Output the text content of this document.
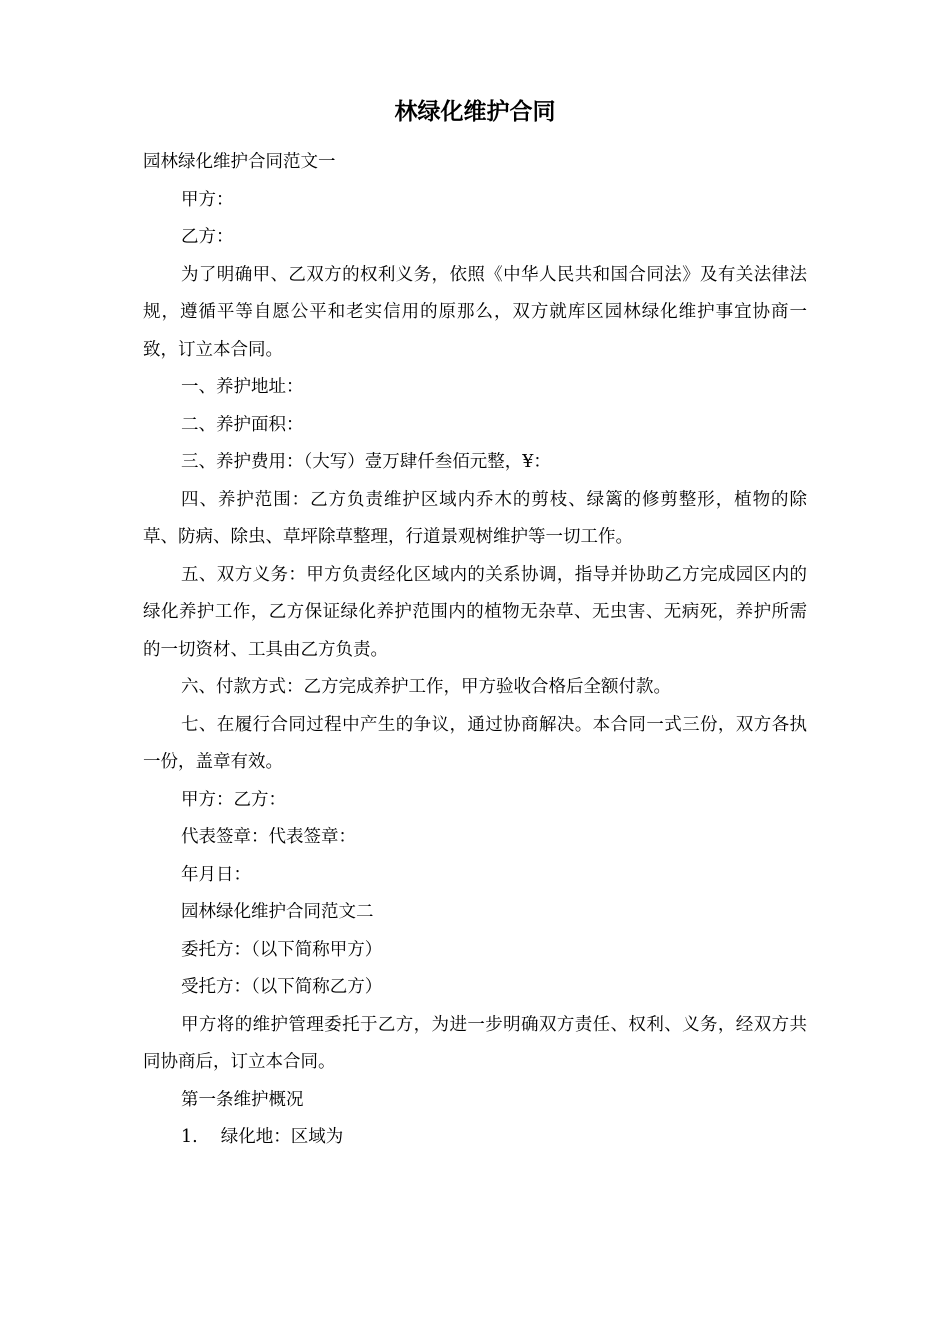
林绿化维护合同

园林绿化维护合同范文一

甲方：

乙方：

为了明确甲、乙双方的权利义务，依照《中华人民共和国合同法》及有关法律法规，遵循平等自愿公平和老实信用的原那么，双方就库区园林绿化维护事宜协商一致，订立本合同。

一、养护地址：

二、养护面积：

三、养护费用：（大写）壹万肆仟叁佰元整，¥：

四、养护范围：乙方负责维护区域内乔木的剪枝、绿篱的修剪整形，植物的除草、防病、除虫、草坪除草整理，行道景观树维护等一切工作。

五、双方义务：甲方负责经化区域内的关系协调，指导并协助乙方完成园区内的绿化养护工作，乙方保证绿化养护范围内的植物无杂草、无虫害、无病死，养护所需的一切资材、工具由乙方负责。

六、付款方式：乙方完成养护工作，甲方验收合格后全额付款。

七、在履行合同过程中产生的争议，通过协商解决。本合同一式三份，双方各执一份，盖章有效。

甲方：乙方：

代表签章：代表签章：

年月日：

园林绿化维护合同范文二

委托方：（以下简称甲方）

受托方：（以下简称乙方）

甲方将的维护管理委托于乙方，为进一步明确双方责任、权利、义务，经双方共同协商后，订立本合同。

第一条维护概况

1.　 绿化地：区域为
